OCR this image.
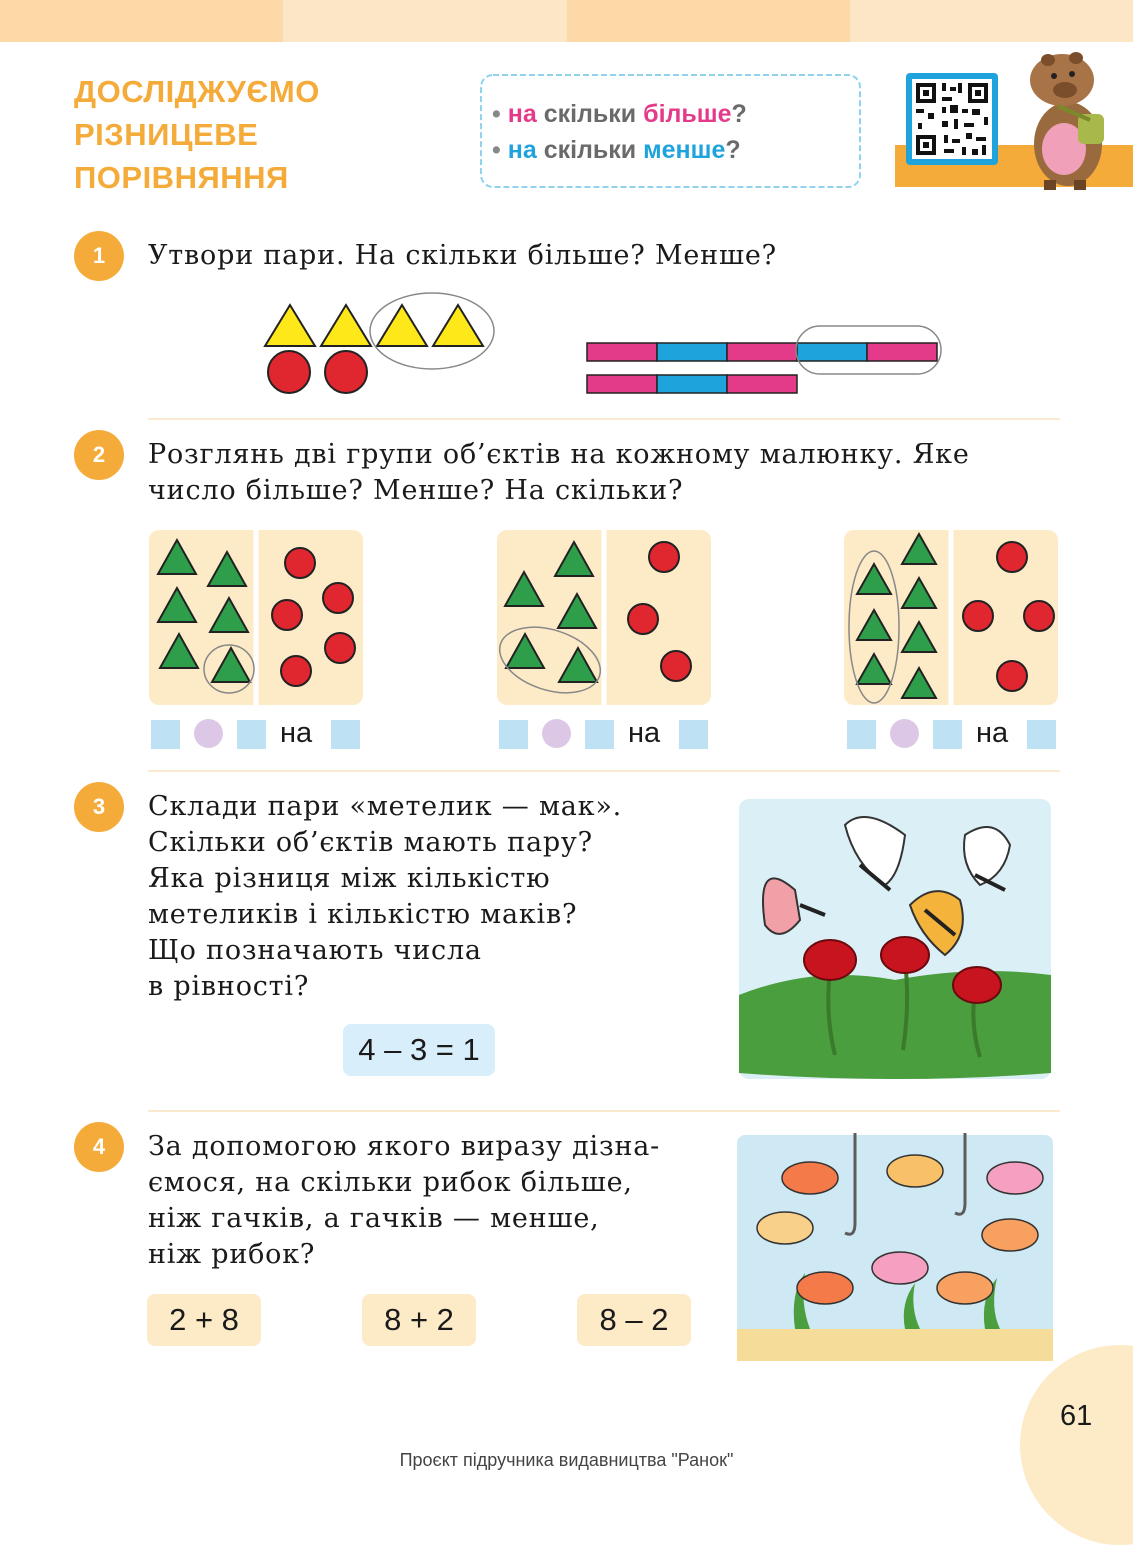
ДОСЛІДЖУЄМО
РІЗНИЦЕВЕ
ПОРІВНЯННЯ
• на скільки більше?
• на скільки менше?
1	Утвори пари. На скільки більше? Менше?
2	Розглянь дві групи об’єктів на кожному малюнку. Яке
число більше? Менше? На скільки?
на	на	на
3	Склади пари «метелик — мак».
Скільки об’єктів мають пару?
Яка різниця між кількістю
метеликів і кількістю маків?
Що позначають числа
в рівності?
4 – 3 = 1
4	За допомогою якого виразу дізна-
ємося, на скільки рибок більше,
ніж гачків, а гачків — менше,
ніж рибок?
2 + 8	8 + 2	8 – 2
61
Проєкт підручника видавництва "Ранок"
